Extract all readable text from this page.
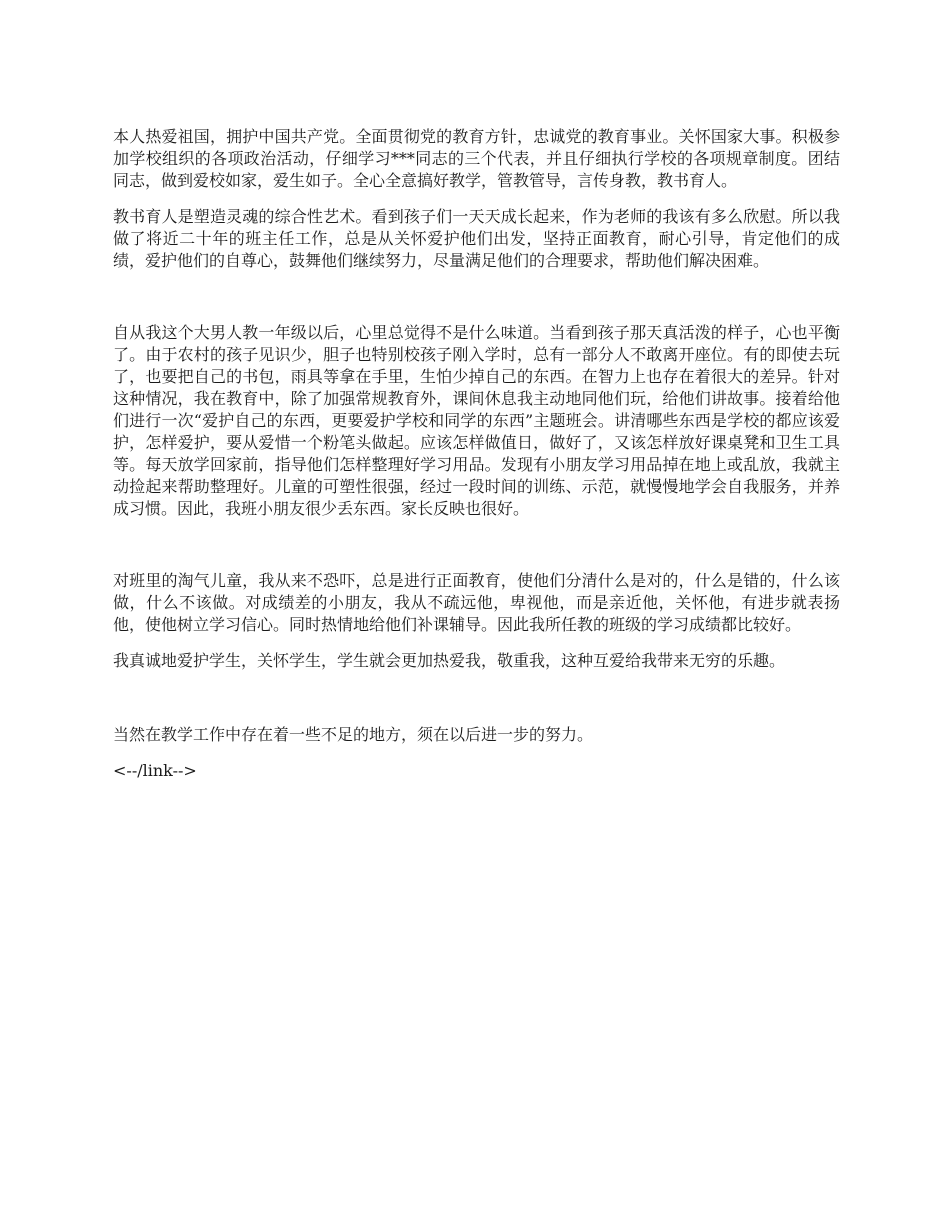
本人热爱祖国，拥护中国共产党。全面贯彻党的教育方针，忠诚党的教育事业。关怀国家大事。积极参加学校组织的各项政治活动，仔细学习***同志的三个代表，并且仔细执行学校的各项规章制度。团结同志，做到爱校如家，爱生如子。全心全意搞好教学，管教管导，言传身教，教书育人。

教书育人是塑造灵魂的综合性艺术。看到孩子们一天天成长起来，作为老师的我该有多么欣慰。所以我做了将近二十年的班主任工作，总是从关怀爱护他们出发，坚持正面教育，耐心引导，肯定他们的成绩，爱护他们的自尊心，鼓舞他们继续努力，尽量满足他们的合理要求，帮助他们解决困难。

自从我这个大男人教一年级以后，心里总觉得不是什么味道。当看到孩子那天真活泼的样子，心也平衡了。由于农村的孩子见识少，胆子也特别校孩子刚入学时，总有一部分人不敢离开座位。有的即使去玩了，也要把自己的书包，雨具等拿在手里，生怕少掉自己的东西。在智力上也存在着很大的差异。针对这种情况，我在教育中，除了加强常规教育外，课间休息我主动地同他们玩，给他们讲故事。接着给他们进行一次“爱护自己的东西，更要爱护学校和同学的东西”主题班会。讲清哪些东西是学校的都应该爱护，怎样爱护，要从爱惜一个粉笔头做起。应该怎样做值日，做好了，又该怎样放好课桌凳和卫生工具等。每天放学回家前，指导他们怎样整理好学习用品。发现有小朋友学习用品掉在地上或乱放，我就主动捡起来帮助整理好。儿童的可塑性很强，经过一段时间的训练、示范，就慢慢地学会自我服务，并养成习惯。因此，我班小朋友很少丢东西。家长反映也很好。

对班里的淘气儿童，我从来不恐吓，总是进行正面教育，使他们分清什么是对的，什么是错的，什么该做，什么不该做。对成绩差的小朋友，我从不疏远他，卑视他，而是亲近他，关怀他，有进步就表扬他，使他树立学习信心。同时热情地给他们补课辅导。因此我所任教的班级的学习成绩都比较好。

我真诚地爱护学生，关怀学生，学生就会更加热爱我，敬重我，这种互爱给我带来无穷的乐趣。

当然在教学工作中存在着一些不足的地方，须在以后进一步的努力。

<--/link-->
